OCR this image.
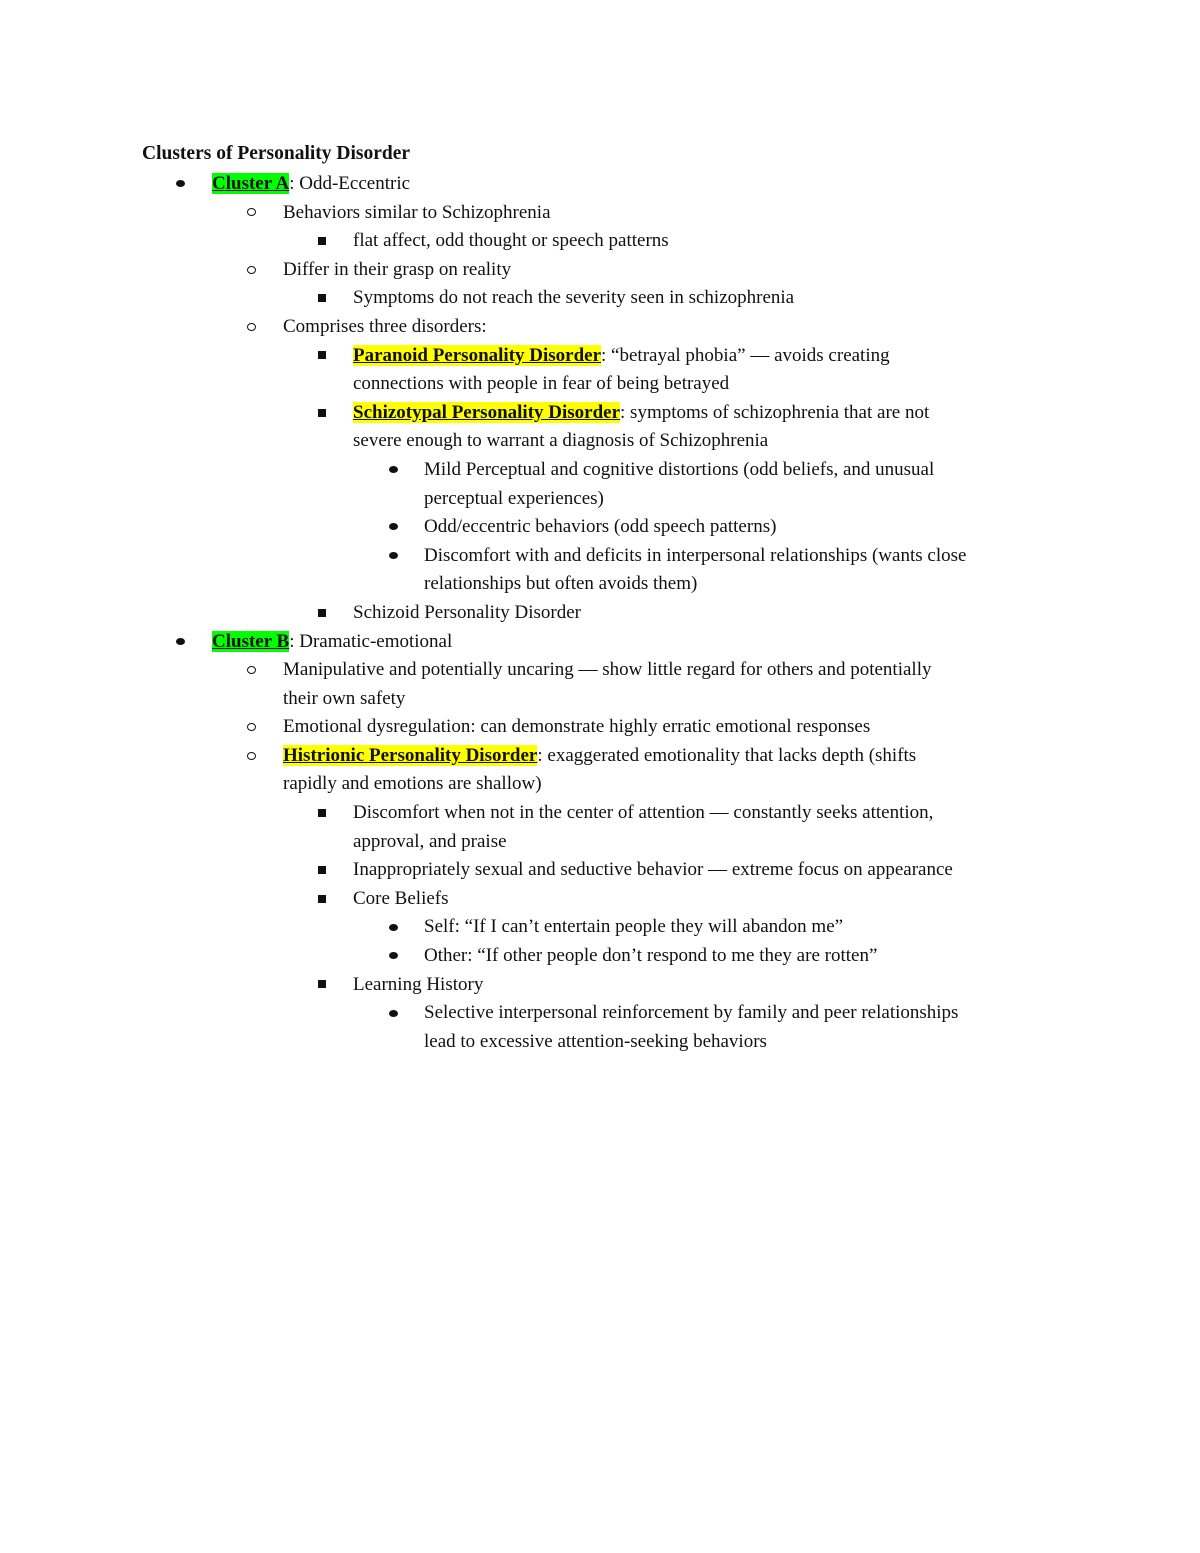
Clusters of Personality Disorder
Cluster A: Odd-Eccentric
Behaviors similar to Schizophrenia
flat affect, odd thought or speech patterns
Differ in their grasp on reality
Symptoms do not reach the severity seen in schizophrenia
Comprises three disorders:
Paranoid Personality Disorder: “betrayal phobia” — avoids creating
connections with people in fear of being betrayed
Schizotypal Personality Disorder: symptoms of schizophrenia that are not
severe enough to warrant a diagnosis of Schizophrenia
Mild Perceptual and cognitive distortions (odd beliefs, and unusual
perceptual experiences)
Odd/eccentric behaviors (odd speech patterns)
Discomfort with and deficits in interpersonal relationships (wants close
relationships but often avoids them)
Schizoid Personality Disorder
Cluster B: Dramatic-emotional
Manipulative and potentially uncaring — show little regard for others and potentially
their own safety
Emotional dysregulation: can demonstrate highly erratic emotional responses
Histrionic Personality Disorder: exaggerated emotionality that lacks depth (shifts
rapidly and emotions are shallow)
Discomfort when not in the center of attention — constantly seeks attention,
approval, and praise
Inappropriately sexual and seductive behavior — extreme focus on appearance
Core Beliefs
Self: “If I can’t entertain people they will abandon me”
Other: “If other people don’t respond to me they are rotten”
Learning History
Selective interpersonal reinforcement by family and peer relationships
lead to excessive attention-seeking behaviors
